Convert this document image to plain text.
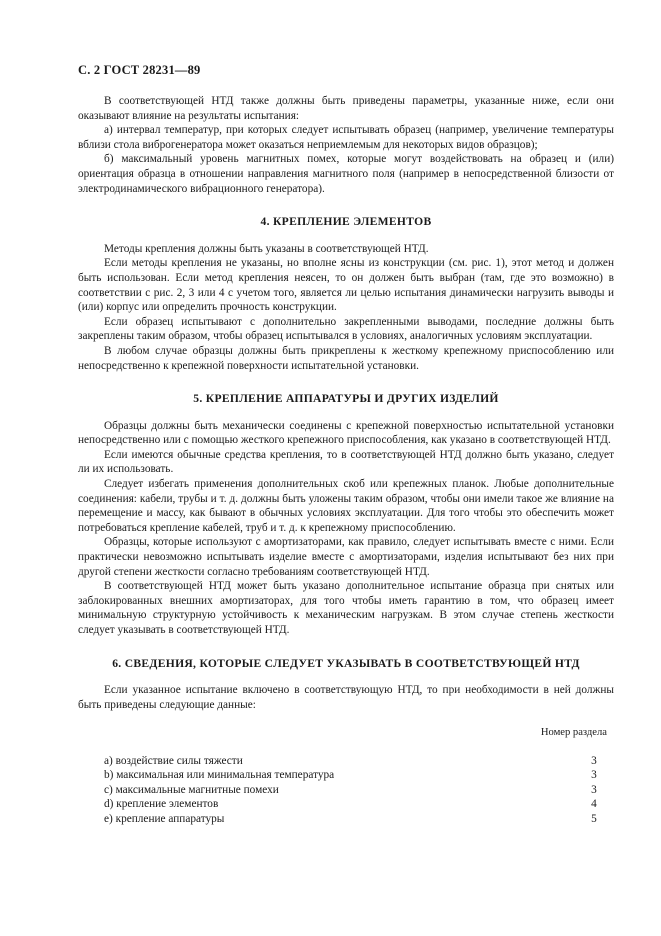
С. 2 ГОСТ 28231—89

В соответствующей НТД также должны быть приведены параметры, указанные ниже, если они оказывают влияние на результаты испытания:

а) интервал температур, при которых следует испытывать образец (например, увеличение температуры вблизи стола виброгенератора может оказаться неприемлемым для некоторых видов образцов);

б) максимальный уровень магнитных помех, которые могут воздействовать на образец и (или) ориентация образца в отношении направления магнитного поля (например в непосредственной близости от электродинамического вибрационного генератора).

4. КРЕПЛЕНИЕ ЭЛЕМЕНТОВ

Методы крепления должны быть указаны в соответствующей НТД.

Если методы крепления не указаны, но вполне ясны из конструкции (см. рис. 1), этот метод и должен быть использован. Если метод крепления неясен, то он должен быть выбран (там, где это возможно) в соответствии с рис. 2, 3 или 4 с учетом того, является ли целью испытания динамически нагрузить выводы и (или) корпус или определить прочность конструкции.

Если образец испытывают с дополнительно закрепленными выводами, последние должны быть закреплены таким образом, чтобы образец испытывался в условиях, аналогичных условиям эксплуатации.

В любом случае образцы должны быть прикреплены к жесткому крепежному приспособлению или непосредственно к крепежной поверхности испытательной установки.

5. КРЕПЛЕНИЕ АППАРАТУРЫ И ДРУГИХ ИЗДЕЛИЙ

Образцы должны быть механически соединены с крепежной поверхностью испытательной установки непосредственно или с помощью жесткого крепежного приспособления, как указано в соответствующей НТД.

Если имеются обычные средства крепления, то в соответствующей НТД должно быть указано, следует ли их использовать.

Следует избегать применения дополнительных скоб или крепежных планок. Любые дополнительные соединения: кабели, трубы и т. д. должны быть уложены таким образом, чтобы они имели такое же влияние на перемещение и массу, как бывают в обычных условиях эксплуатации. Для того чтобы это обеспечить может потребоваться крепление кабелей, труб и т. д. к крепежному приспособлению.

Образцы, которые используют с амортизаторами, как правило, следует испытывать вместе с ними. Если практически невозможно испытывать изделие вместе с амортизаторами, изделия испытывают без них при другой степени жесткости согласно требованиям соответствующей НТД.

В соответствующей НТД может быть указано дополнительное испытание образца при снятых или заблокированных внешних амортизаторах, для того чтобы иметь гарантию в том, что образец имеет минимальную структурную устойчивость к механическим нагрузкам. В этом случае степень жесткости следует указывать в соответствующей НТД.

6. СВЕДЕНИЯ, КОТОРЫЕ СЛЕДУЕТ УКАЗЫВАТЬ В СООТВЕТСТВУЮЩЕЙ НТД

Если указанное испытание включено в соответствующую НТД, то при необходимости в ней должны быть приведены следующие данные:

Номер раздела
a) воздействие силы тяжести	3
b) максимальная или минимальная температура	3
c) максимальные магнитные помехи	3
d) крепление элементов	4
e) крепление аппаратуры	5
